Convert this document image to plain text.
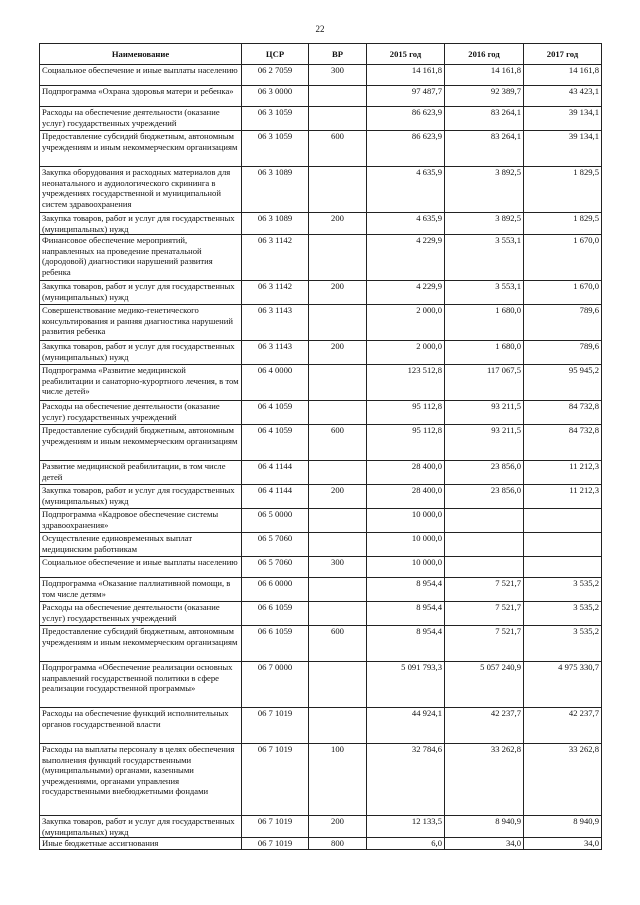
22
Наименование	ЦСР	ВР	2015 год	2016 год	2017 год
Социальное обеспечение и иные выплаты населению	06 2 7059	300	14 161,8	14 161,8	14 161,8
Подпрограмма «Охрана здоровья матери и ребенка»	06 3 0000		97 487,7	92 389,7	43 423,1
Расходы на обеспечение деятельности (оказание услуг) государственных учреждений	06 3 1059		86 623,9	83 264,1	39 134,1
Предоставление субсидий бюджетным, автономным учреждениям и иным некоммерческим организациям	06 3 1059	600	86 623,9	83 264,1	39 134,1
Закупка оборудования и расходных материалов для неонатального и аудиологического скрининга в учреждениях государственной и муниципальной систем здравоохранения	06 3 1089		4 635,9	3 892,5	1 829,5
Закупка товаров, работ и услуг для государственных (муниципальных) нужд	06 3 1089	200	4 635,9	3 892,5	1 829,5
Финансовое обеспечение мероприятий, направленных на проведение пренатальной (дородовой) диагностики нарушений развития ребенка	06 3 1142		4 229,9	3 553,1	1 670,0
Закупка товаров, работ и услуг для государственных (муниципальных) нужд	06 3 1142	200	4 229,9	3 553,1	1 670,0
Совершенствование медико-генетического консультирования и ранняя диагностика нарушений развития ребенка	06 3 1143		2 000,0	1 680,0	789,6
Закупка товаров, работ и услуг для государственных (муниципальных) нужд	06 3 1143	200	2 000,0	1 680,0	789,6
Подпрограмма «Развитие медицинской реабилитации и санаторно-курортного лечения, в том числе детей»	06 4 0000		123 512,8	117 067,5	95 945,2
Расходы на обеспечение деятельности (оказание услуг) государственных учреждений	06 4 1059		95 112,8	93 211,5	84 732,8
Предоставление субсидий бюджетным, автономным учреждениям и иным некоммерческим организациям	06 4 1059	600	95 112,8	93 211,5	84 732,8
Развитие медицинской реабилитации, в том числе детей	06 4 1144		28 400,0	23 856,0	11 212,3
Закупка товаров, работ и услуг для государственных (муниципальных) нужд	06 4 1144	200	28 400,0	23 856,0	11 212,3
Подпрограмма «Кадровое обеспечение системы здравоохранения»	06 5 0000		10 000,0		
Осуществление единовременных выплат медицинским работникам	06 5 7060		10 000,0		
Социальное обеспечение и иные выплаты населению	06 5 7060	300	10 000,0		
Подпрограмма «Оказание паллиативной помощи, в том числе детям»	06 6 0000		8 954,4	7 521,7	3 535,2
Расходы на обеспечение деятельности (оказание услуг) государственных учреждений	06 6 1059		8 954,4	7 521,7	3 535,2
Предоставление субсидий бюджетным, автономным учреждениям и иным некоммерческим организациям	06 6 1059	600	8 954,4	7 521,7	3 535,2
Подпрограмма «Обеспечение реализации основных направлений государственной политики в сфере реализации государственной программы»	06 7 0000		5 091 793,3	5 057 240,9	4 975 330,7
Расходы на обеспечение функций исполнительных органов государственной власти	06 7 1019		44 924,1	42 237,7	42 237,7
Расходы на выплаты персоналу в целях обеспечения выполнения функций государственными (муниципальными) органами, казенными учреждениями, органами управления государственными внебюджетными фондами	06 7 1019	100	32 784,6	33 262,8	33 262,8
Закупка товаров, работ и услуг для государственных (муниципальных) нужд	06 7 1019	200	12 133,5	8 940,9	8 940,9
Иные бюджетные ассигнования	06 7 1019	800	6,0	34,0	34,0
